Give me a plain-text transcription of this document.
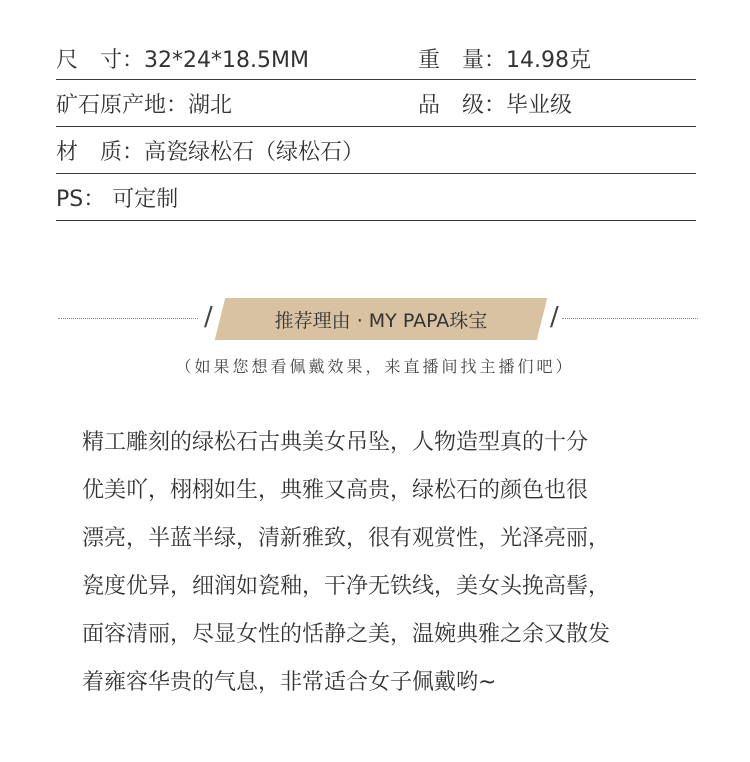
尺　寸：32*24*18.5MM	重　量：14.98克
矿石原产地：湖北	品　级：毕业级
材　质：高瓷绿松石（绿松石）
PS： 可定制
/	推荐理由 · MY PAPA珠宝	/
（如果您想看佩戴效果，来直播间找主播们吧）
精工雕刻的绿松石古典美女吊坠，人物造型真的十分
优美吖，栩栩如生，典雅又高贵，绿松石的颜色也很
漂亮，半蓝半绿，清新雅致，很有观赏性，光泽亮丽，
瓷度优异，细润如瓷釉，干净无铁线，美女头挽高髻，
面容清丽，尽显女性的恬静之美，温婉典雅之余又散发
着雍容华贵的气息，非常适合女子佩戴哟~
